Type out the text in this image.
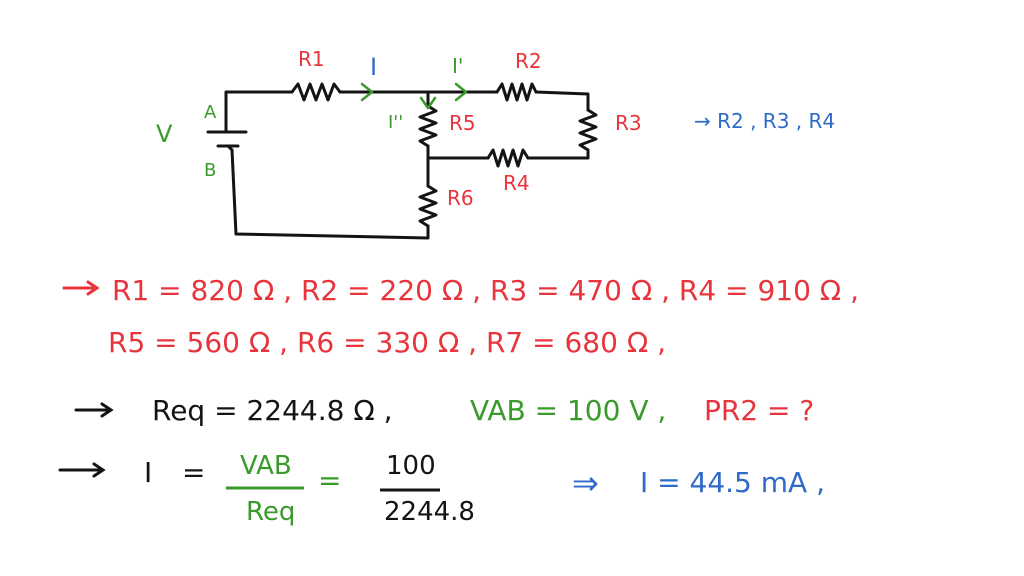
R1 I	I'	R2
R3
I'' R5
R4
R6
V
A
B
→ R2 , R3 , R4
R1 = 820 Ω , R2 = 220 Ω , R3 = 470 Ω , R4 = 910 Ω ,
R5 = 560 Ω , R6 = 330 Ω , R7 = 680 Ω ,
Req = 2244.8 Ω ,	VAB = 100 V , PR2 = ?
I = VAB
Req
= 100
2244.8
⇒ I = 44.5 mA ,
